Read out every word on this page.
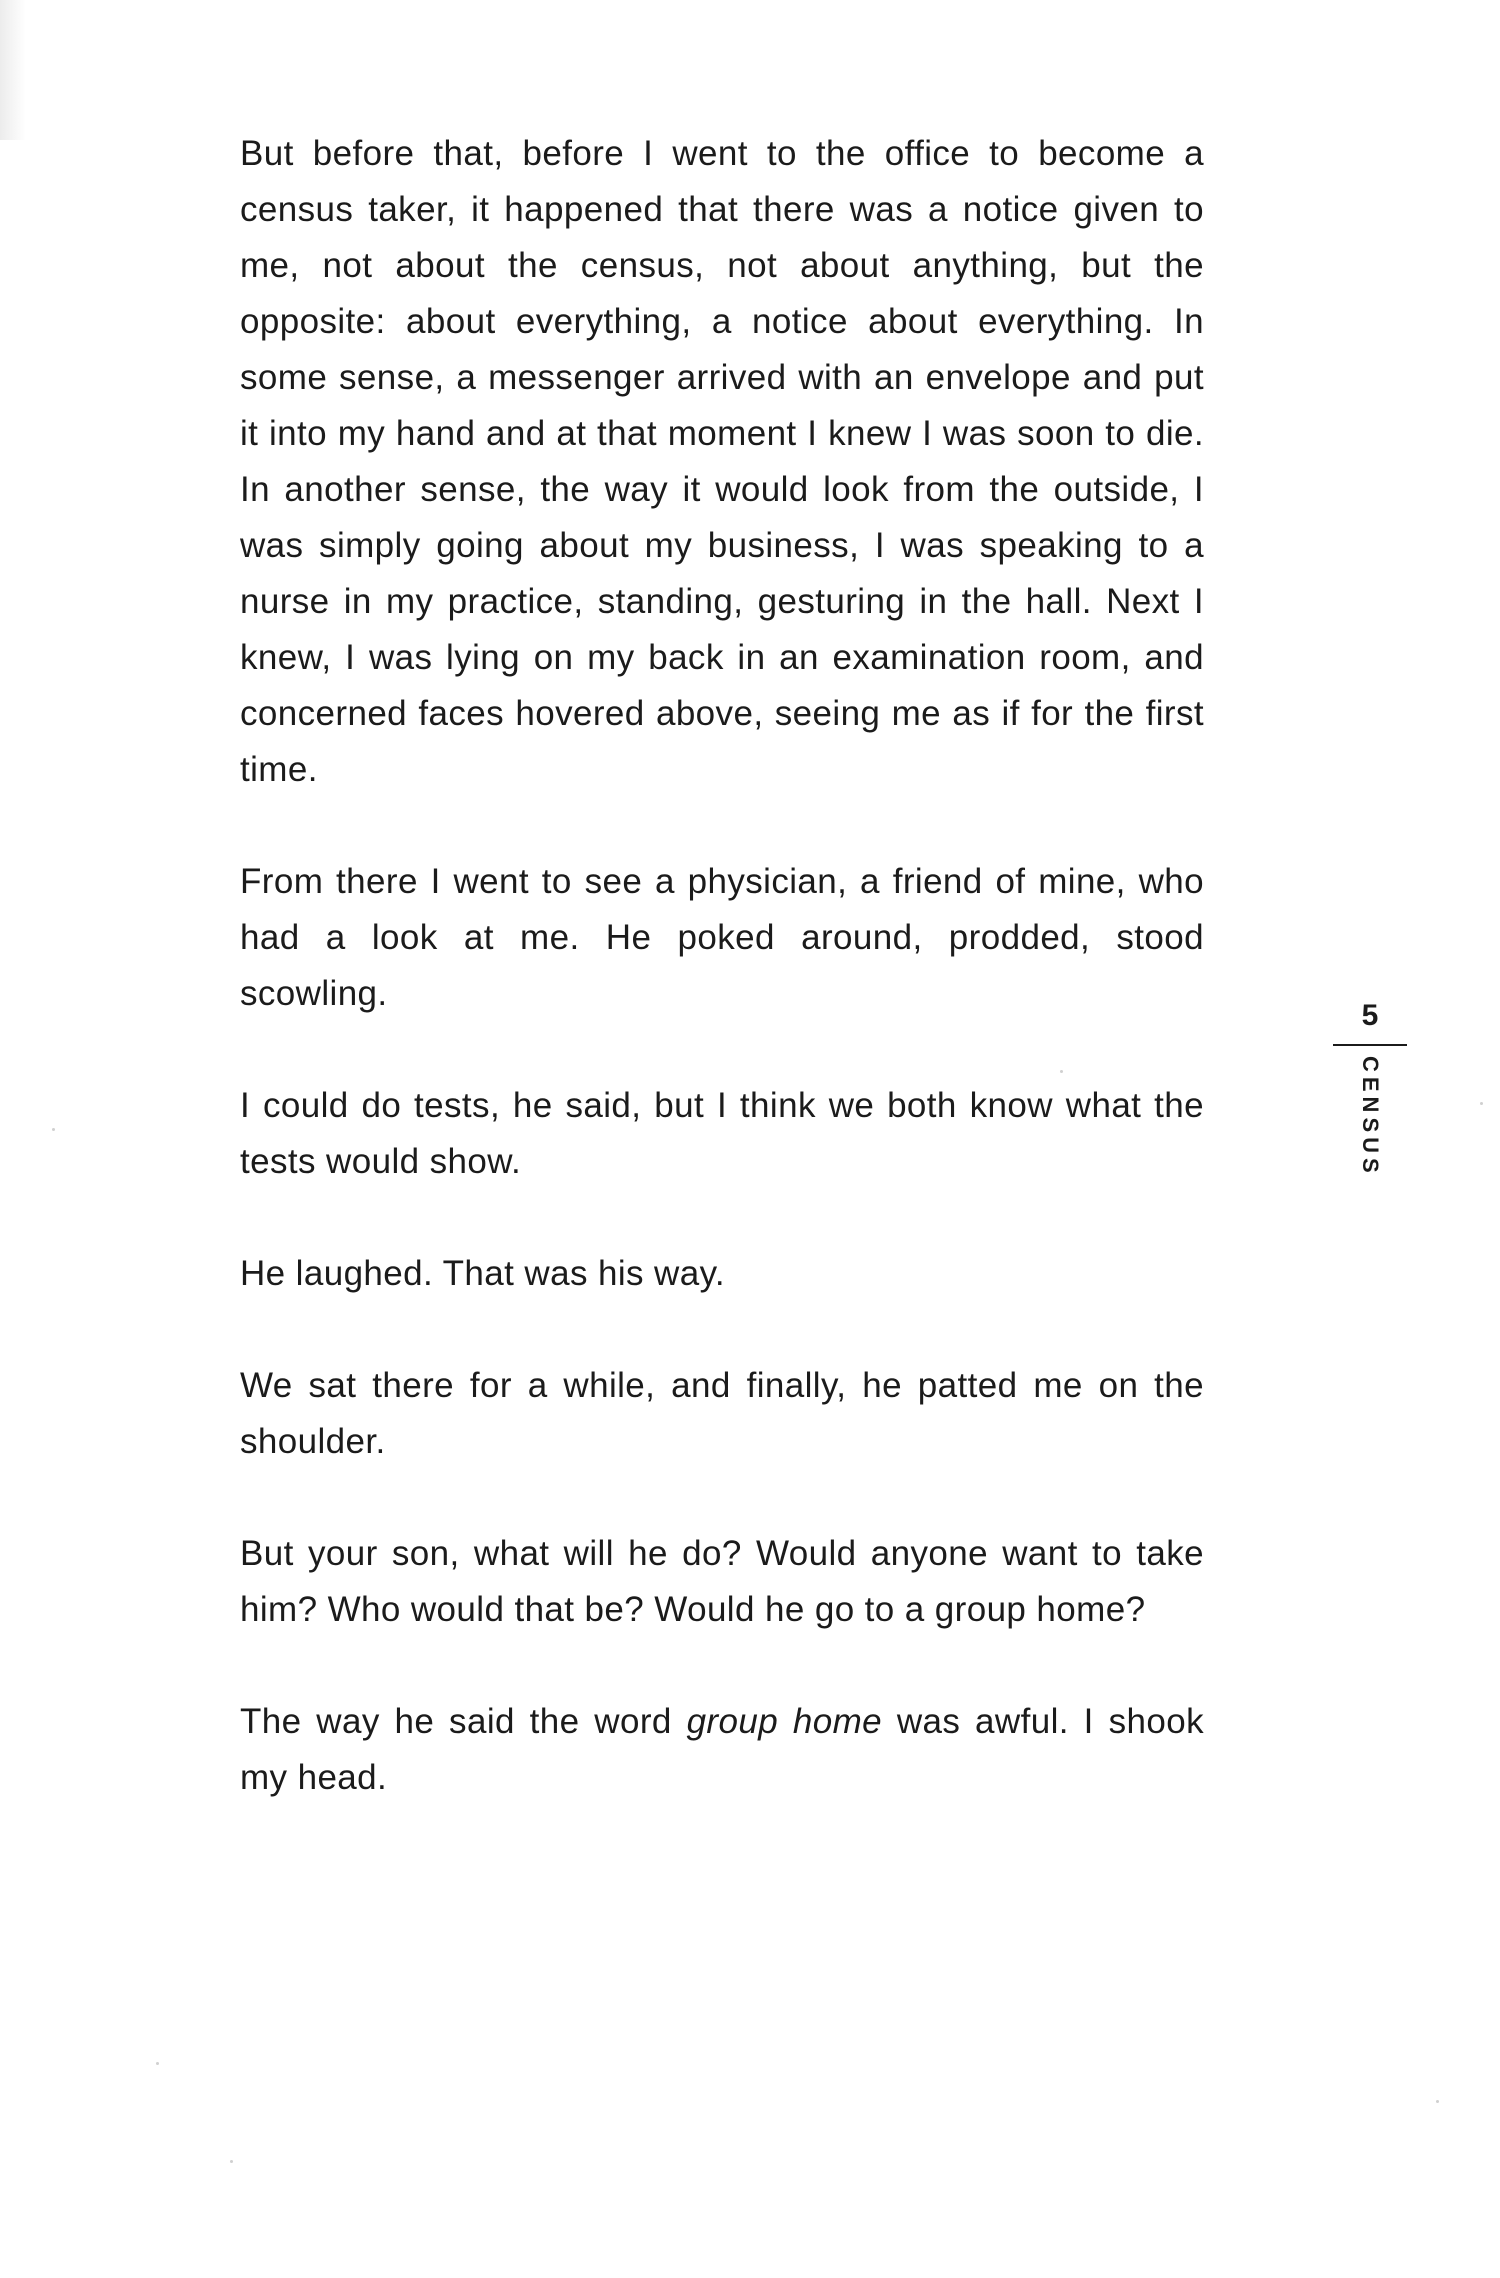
But before that, before I went to the office to become a census taker, it happened that there was a notice given to me, not about the census, not about anything, but the opposite: about everything, a notice about everything. In some sense, a messenger arrived with an envelope and put it into my hand and at that moment I knew I was soon to die. In another sense, the way it would look from the outside, I was simply going about my business, I was speaking to a nurse in my practice, standing, gesturing in the hall. Next I knew, I was lying on my back in an examination room, and concerned faces hovered above, seeing me as if for the first time.

From there I went to see a physician, a friend of mine, who had a look at me. He poked around, prodded, stood scowling.

I could do tests, he said, but I think we both know what the tests would show.

He laughed. That was his way.

We sat there for a while, and finally, he patted me on the shoulder.

But your son, what will he do? Would anyone want to take him? Who would that be? Would he go to a group home?

The way he said the word group home was awful. I shook my head.

5
CENSUS
